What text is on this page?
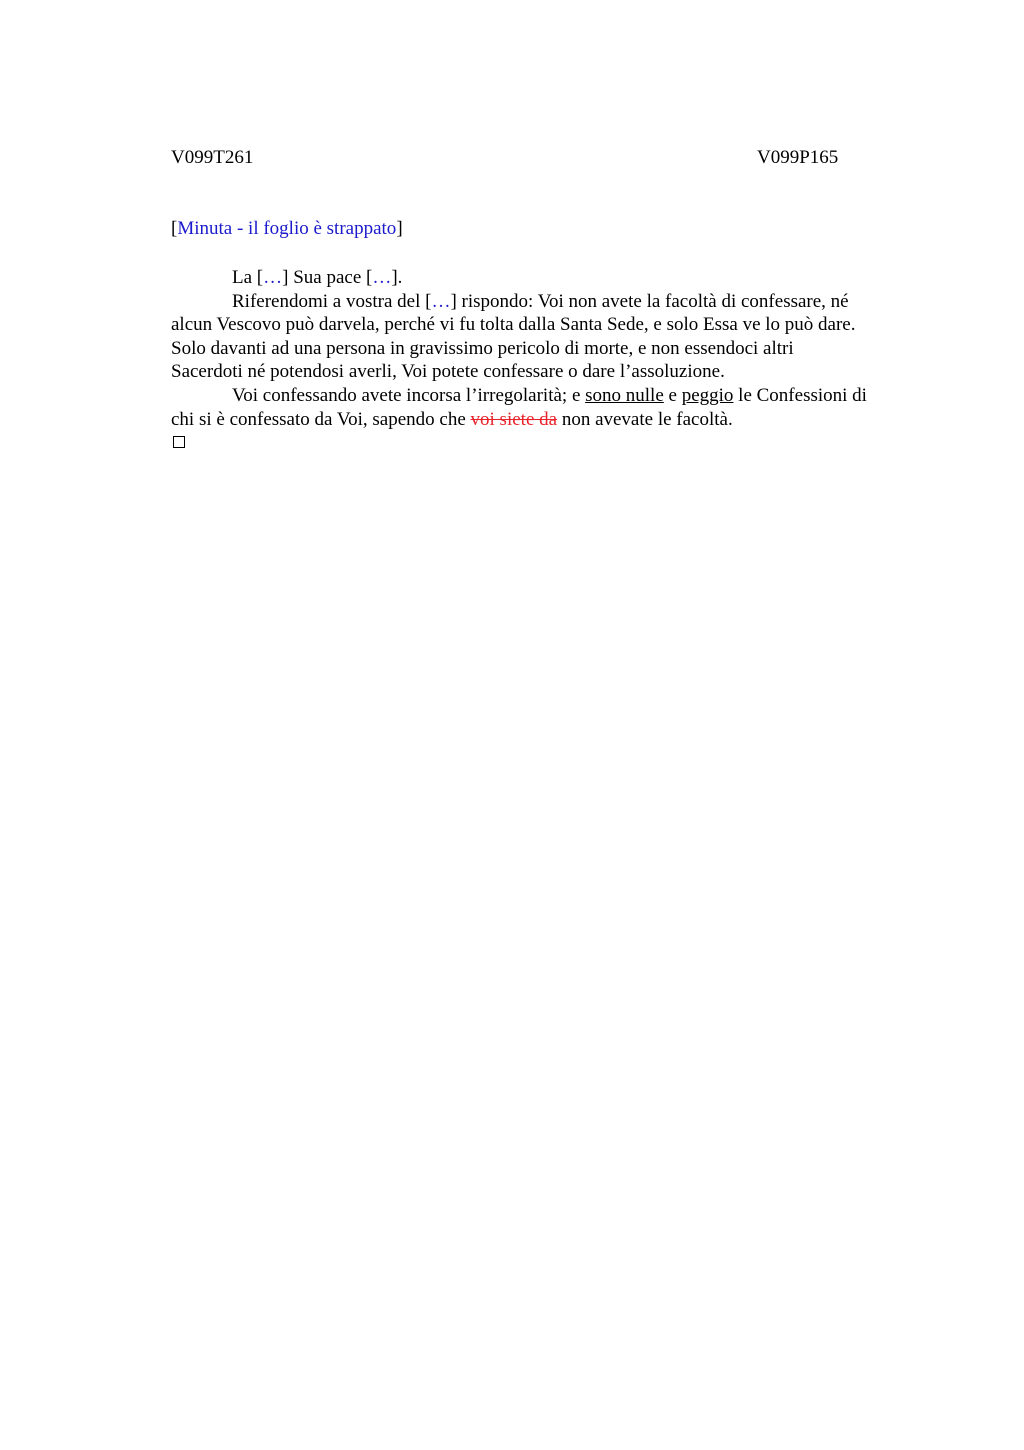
V099T261	V099P165
[Minuta - il foglio è strappato]
La […] Sua pace […].
Riferendomi a vostra del […] rispondo: Voi non avete la facoltà di confessare, né
alcun Vescovo può darvela, perché vi fu tolta dalla Santa Sede, e solo Essa ve lo può dare.
Solo davanti ad una persona in gravissimo pericolo di morte, e non essendoci altri
Sacerdoti né potendosi averli, Voi potete confessare o dare l’assoluzione.
Voi confessando avete incorsa l’irregolarità; e sono nulle e peggio le Confessioni di
chi si è confessato da Voi, sapendo che voi siete da non avevate le facoltà.
